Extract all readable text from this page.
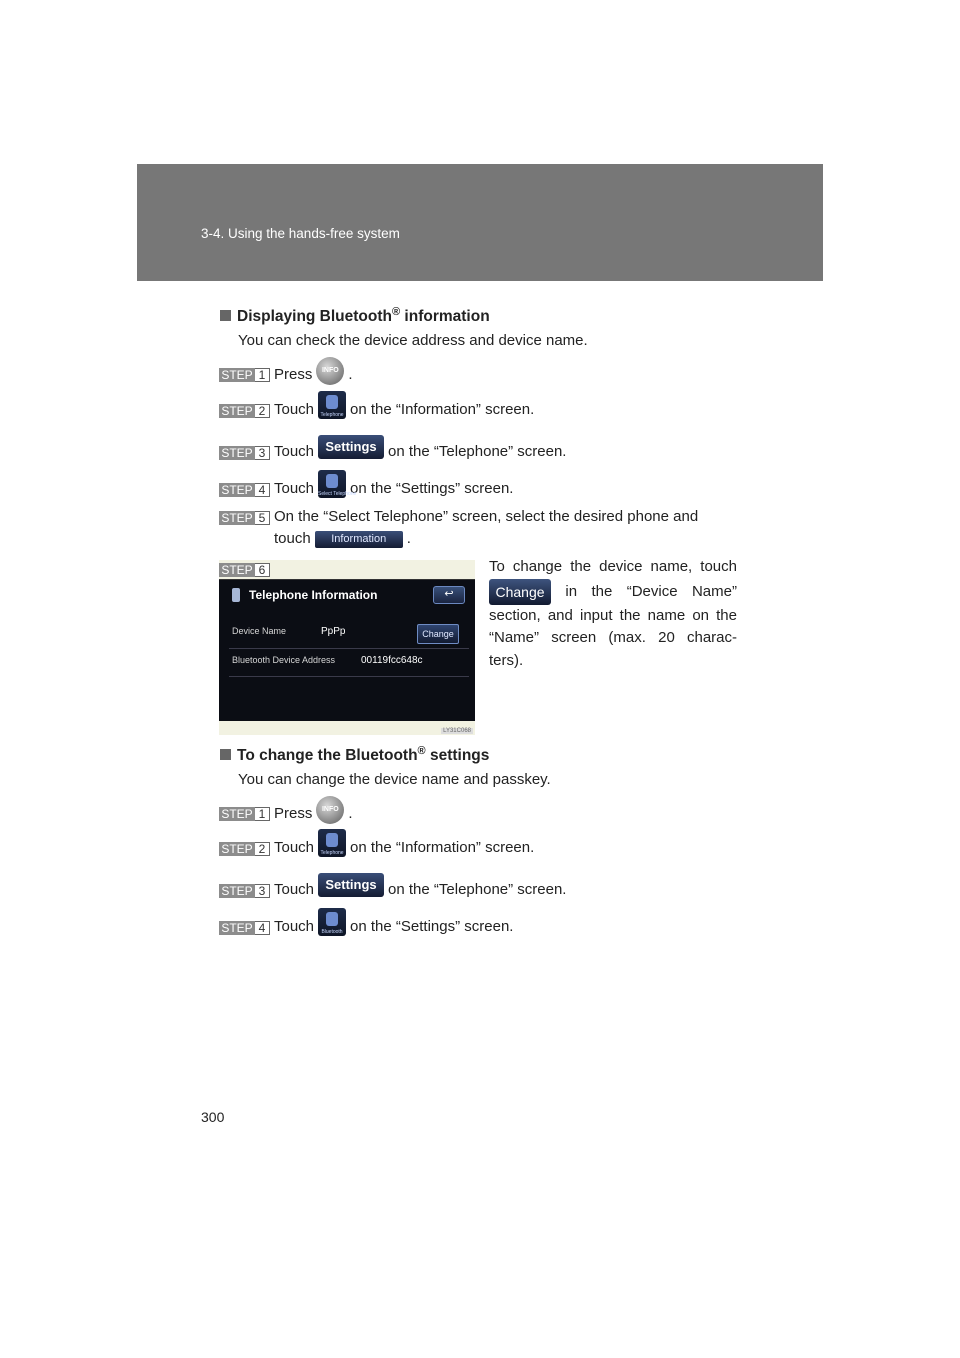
3-4. Using the hands-free system
Displaying Bluetooth® information
You can check the device address and device name.
STEP 1 Press INFO .
STEP 2 Touch	Telephone on the “Information” screen.
STEP 3 Touch Settings on the “Telephone” screen.
STEP 4 Touch Select Telephone
on the “Settings” screen.
STEP 5 On the “Select Telephone” screen, select the desired phone and
touch Information .
STEP 6
Telephone Information	↩
Device Name	PpPp	Change
Bluetooth Device Address	00119fcc648c
LY31C068
To change the device name, touch Change in the “Device Name” section, and input the name on the “Name” screen (max. 20 charac-ters).
To change the Bluetooth® settings
You can change the device name and passkey.
STEP 1 Press INFO .
STEP 2 Touch	Telephone on the “Information” screen.
STEP 3 Touch Settings on the “Telephone” screen.
STEP 4 Touch	Bluetooth on the “Settings” screen.
300
